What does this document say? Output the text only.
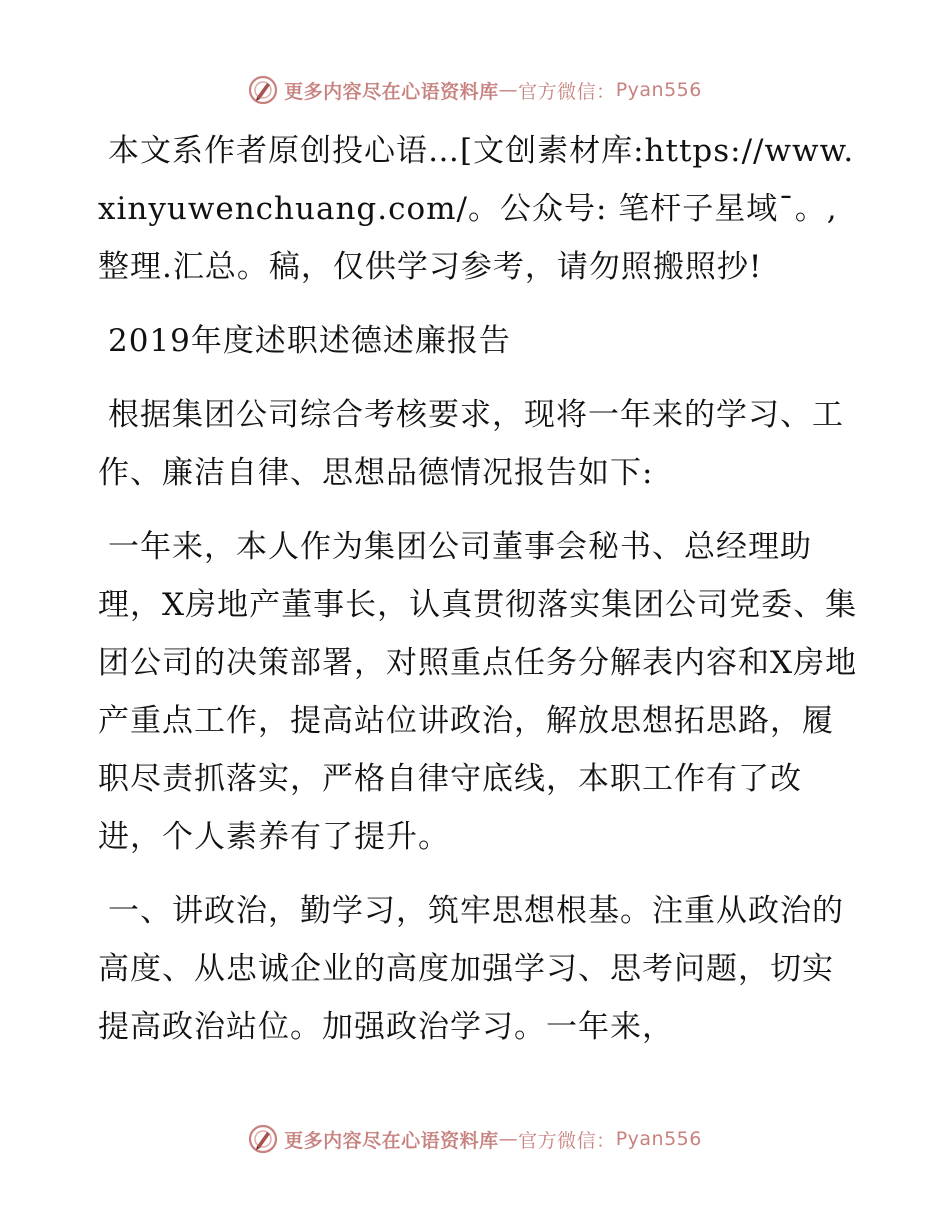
更多内容尽在心语资料库 — 官方微信： Pyan556

本文系作者原创投心语…[文创素材库:https://www.xinyuwenchuang.com/。公众号: 笔杆子星域¯。,整理.汇总。稿，仅供学习参考，请勿照搬照抄!

2019年度述职述德述廉报告

根据集团公司综合考核要求，现将一年来的学习、工作、廉洁自律、思想品德情况报告如下:

一年来，本人作为集团公司董事会秘书、总经理助理，X房地产董事长，认真贯彻落实集团公司党委、集团公司的决策部署，对照重点任务分解表内容和X房地产重点工作，提高站位讲政治，解放思想拓思路，履职尽责抓落实，严格自律守底线，本职工作有了改进，个人素养有了提升。

一、讲政治，勤学习，筑牢思想根基。注重从政治的高度、从忠诚企业的高度加强学习、思考问题，切实提高政治站位。加强政治学习。一年来，

更多内容尽在心语资料库 — 官方微信： Pyan556
